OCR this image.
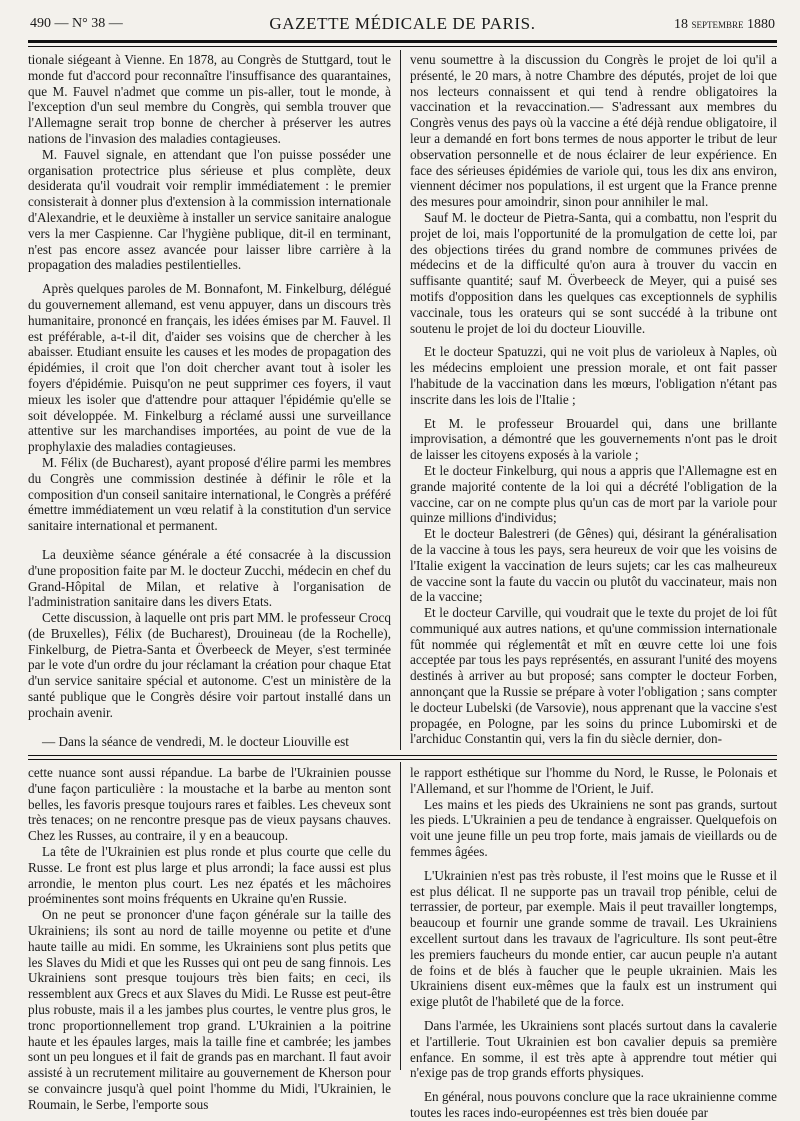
490 — N° 38 —	GAZETTE MÉDICALE DE PARIS.	18 septembre 1880

tionale siégeant à Vienne. En 1878, au Congrès de Stuttgard, tout le monde fut d'accord pour reconnaître l'insuffisance des quarantaines, que M. Fauvel n'admet que comme un pis-aller, tout le monde, à l'exception d'un seul membre du Congrès, qui sembla trouver que l'Allemagne serait trop bonne de chercher à préserver les autres nations de l'invasion des maladies contagieuses.

M. Fauvel signale, en attendant que l'on puisse posséder une organisation protectrice plus sérieuse et plus complète, deux desiderata qu'il voudrait voir remplir immédiatement : le premier consisterait à donner plus d'extension à la commission internationale d'Alexandrie, et le deuxième à installer un service sanitaire analogue vers la mer Caspienne. Car l'hygiène publique, dit-il en terminant, n'est pas encore assez avancée pour laisser libre carrière à la propagation des maladies pestilentielles.

Après quelques paroles de M. Bonnafont, M. Finkelburg, délégué du gouvernement allemand, est venu appuyer, dans un discours très humanitaire, prononcé en français, les idées émises par M. Fauvel. Il est préférable, a-t-il dit, d'aider ses voisins que de chercher à les abaisser. Etudiant ensuite les causes et les modes de propagation des épidémies, il croit que l'on doit chercher avant tout à isoler les foyers d'épidémie. Puisqu'on ne peut supprimer ces foyers, il vaut mieux les isoler que d'attendre pour attaquer l'épidémie qu'elle se soit développée. M. Finkelburg a réclamé aussi une surveillance attentive sur les marchandises importées, au point de vue de la prophylaxie des maladies contagieuses.

M. Félix (de Bucharest), ayant proposé d'élire parmi les membres du Congrès une commission destinée à définir le rôle et la composition d'un conseil sanitaire international, le Congrès a préféré émettre immédiatement un vœu relatif à la constitution d'un service sanitaire international et permanent.

La deuxième séance générale a été consacrée à la discussion d'une proposition faite par M. le docteur Zucchi, médecin en chef du Grand-Hôpital de Milan, et relative à l'organisation de l'administration sanitaire dans les divers Etats.

Cette discussion, à laquelle ont pris part MM. le professeur Crocq (de Bruxelles), Félix (de Bucharest), Drouineau (de la Rochelle), Finkelburg, de Pietra-Santa et Överbeeck de Meyer, s'est terminée par le vote d'un ordre du jour réclamant la création pour chaque Etat d'un service sanitaire spécial et autonome. C'est un ministère de la santé publique que le Congrès désire voir partout installé dans un prochain avenir.

— Dans la séance de vendredi, M. le docteur Liouville est

venu soumettre à la discussion du Congrès le projet de loi qu'il a présenté, le 20 mars, à notre Chambre des députés, projet de loi que nos lecteurs connaissent et qui tend à rendre obligatoires la vaccination et la revaccination.— S'adressant aux membres du Congrès venus des pays où la vaccine a été déjà rendue obligatoire, il leur a demandé en fort bons termes de nous apporter le tribut de leur observation personnelle et de nous éclairer de leur expérience. En face des sérieuses épidémies de variole qui, tous les dix ans environ, viennent décimer nos populations, il est urgent que la France prenne des mesures pour amoindrir, sinon pour annihiler le mal.

Sauf M. le docteur de Pietra-Santa, qui a combattu, non l'esprit du projet de loi, mais l'opportunité de la promulgation de cette loi, par des objections tirées du grand nombre de communes privées de médecins et de la difficulté qu'on aura à trouver du vaccin en suffisante quantité; sauf M. Överbeeck de Meyer, qui a puisé ses motifs d'opposition dans les quelques cas exceptionnels de syphilis vaccinale, tous les orateurs qui se sont succédé à la tribune ont soutenu le projet de loi du docteur Liouville.

Et le docteur Spatuzzi, qui ne voit plus de varioleux à Naples, où les médecins emploient une pression morale, et ont fait passer l'habitude de la vaccination dans les mœurs, l'obligation n'étant pas inscrite dans les lois de l'Italie ;

Et M. le professeur Brouardel qui, dans une brillante improvisation, a démontré que les gouvernements n'ont pas le droit de laisser les citoyens exposés à la variole ;

Et le docteur Finkelburg, qui nous a appris que l'Allemagne est en grande majorité contente de la loi qui a décrété l'obligation de la vaccine, car on ne compte plus qu'un cas de mort par la variole pour quinze millions d'individus;

Et le docteur Balestreri (de Gênes) qui, désirant la généralisation de la vaccine à tous les pays, sera heureux de voir que les voisins de l'Italie exigent la vaccination de leurs sujets; car les cas malheureux de vaccine sont la faute du vaccin ou plutôt du vaccinateur, mais non de la vaccine;

Et le docteur Carville, qui voudrait que le texte du projet de loi fût communiqué aux autres nations, et qu'une commission internationale fût nommée qui réglementât et mît en œuvre cette loi une fois acceptée par tous les pays représentés, en assurant l'unité des moyens destinés à arriver au but proposé; sans compter le docteur Forben, annonçant que la Russie se prépare à voter l'obligation ; sans compter le docteur Lubelski (de Varsovie), nous apprenant que la vaccine s'est propagée, en Pologne, par les soins du prince Lubomirski et de l'archiduc Constantin qui, vers la fin du siècle dernier, don-

cette nuance sont aussi répandue. La barbe de l'Ukrainien pousse d'une façon particulière : la moustache et la barbe au menton sont belles, les favoris presque toujours rares et faibles. Les cheveux sont très tenaces; on ne rencontre presque pas de vieux paysans chauves. Chez les Russes, au contraire, il y en a beaucoup.

La tête de l'Ukrainien est plus ronde et plus courte que celle du Russe. Le front est plus large et plus arrondi; la face aussi est plus arrondie, le menton plus court. Les nez épatés et les mâchoires proéminentes sont moins fréquents en Ukraine qu'en Russie.

On ne peut se prononcer d'une façon générale sur la taille des Ukrainiens; ils sont au nord de taille moyenne ou petite et d'une haute taille au midi. En somme, les Ukrainiens sont plus petits que les Slaves du Midi et que les Russes qui ont peu de sang finnois. Les Ukrainiens sont presque toujours très bien faits; en ceci, ils ressemblent aux Grecs et aux Slaves du Midi. Le Russe est peut-être plus robuste, mais il a les jambes plus courtes, le ventre plus gros, le tronc proportionnellement trop grand. L'Ukrainien a la poitrine haute et les épaules larges, mais la taille fine et cambrée; les jambes sont un peu longues et il fait de grands pas en marchant. Il faut avoir assisté à un recrutement militaire au gouvernement de Kherson pour se convaincre jusqu'à quel point l'homme du Midi, l'Ukrainien, le Roumain, le Serbe, l'emporte sous

le rapport esthétique sur l'homme du Nord, le Russe, le Polonais et l'Allemand, et sur l'homme de l'Orient, le Juif.

Les mains et les pieds des Ukrainiens ne sont pas grands, surtout les pieds. L'Ukrainien a peu de tendance à engraisser. Quelquefois on voit une jeune fille un peu trop forte, mais jamais de vieillards ou de femmes âgées.

L'Ukrainien n'est pas très robuste, il l'est moins que le Russe et il est plus délicat. Il ne supporte pas un travail trop pénible, celui de terrassier, de porteur, par exemple. Mais il peut travailler longtemps, beaucoup et fournir une grande somme de travail. Les Ukrainiens excellent surtout dans les travaux de l'agriculture. Ils sont peut-être les premiers faucheurs du monde entier, car aucun peuple n'a autant de foins et de blés à faucher que le peuple ukrainien. Mais les Ukrainiens disent eux-mêmes que la faulx est un instrument qui exige plutôt de l'habileté que de la force.

Dans l'armée, les Ukrainiens sont placés surtout dans la cavalerie et l'artillerie. Tout Ukrainien est bon cavalier depuis sa première enfance. En somme, il est très apte à apprendre tout métier qui n'exige pas de trop grands efforts physiques.

En général, nous pouvons conclure que la race ukrainienne comme toutes les races indo-européennes est très bien douée par
